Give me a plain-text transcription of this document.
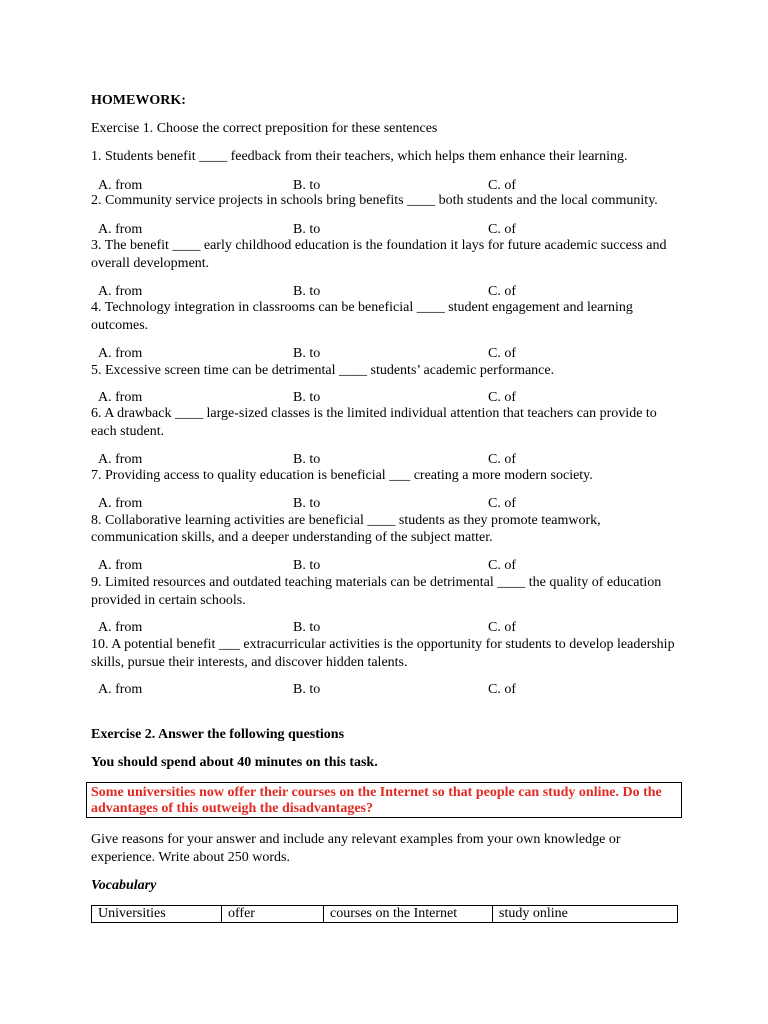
HOMEWORK:
Exercise 1. Choose the correct preposition for these sentences
1. Students benefit ____ feedback from their teachers, which helps them enhance their learning.
A. from	B. to	C. of
2. Community service projects in schools bring benefits ____ both students and the local community.
A. from	B. to	C. of
3. The benefit ____ early childhood education is the foundation it lays for future academic success and
overall development.
A. from	B. to	C. of
4. Technology integration in classrooms can be beneficial ____ student engagement and learning
outcomes.
A. from	B. to	C. of
5. Excessive screen time can be detrimental ____ students’ academic performance.
A. from	B. to	C. of
6. A drawback ____ large-sized classes is the limited individual attention that teachers can provide to
each student.
A. from	B. to	C. of
7. Providing access to quality education is beneficial ___ creating a more modern society.
A. from	B. to	C. of
8. Collaborative learning activities are beneficial ____ students as they promote teamwork,
communication skills, and a deeper understanding of the subject matter.
A. from	B. to	C. of
9. Limited resources and outdated teaching materials can be detrimental ____ the quality of education
provided in certain schools.
A. from	B. to	C. of
10. A potential benefit ___ extracurricular activities is the opportunity for students to develop leadership
skills, pursue their interests, and discover hidden talents.
A. from	B. to	C. of
Exercise 2. Answer the following questions
You should spend about 40 minutes on this task.
Some universities now offer their courses on the Internet so that people can study online. Do the
advantages of this outweigh the disadvantages?
Give reasons for your answer and include any relevant examples from your own knowledge or
experience. Write about 250 words.
Vocabulary
Universities	offer	courses on the Internet	study online
